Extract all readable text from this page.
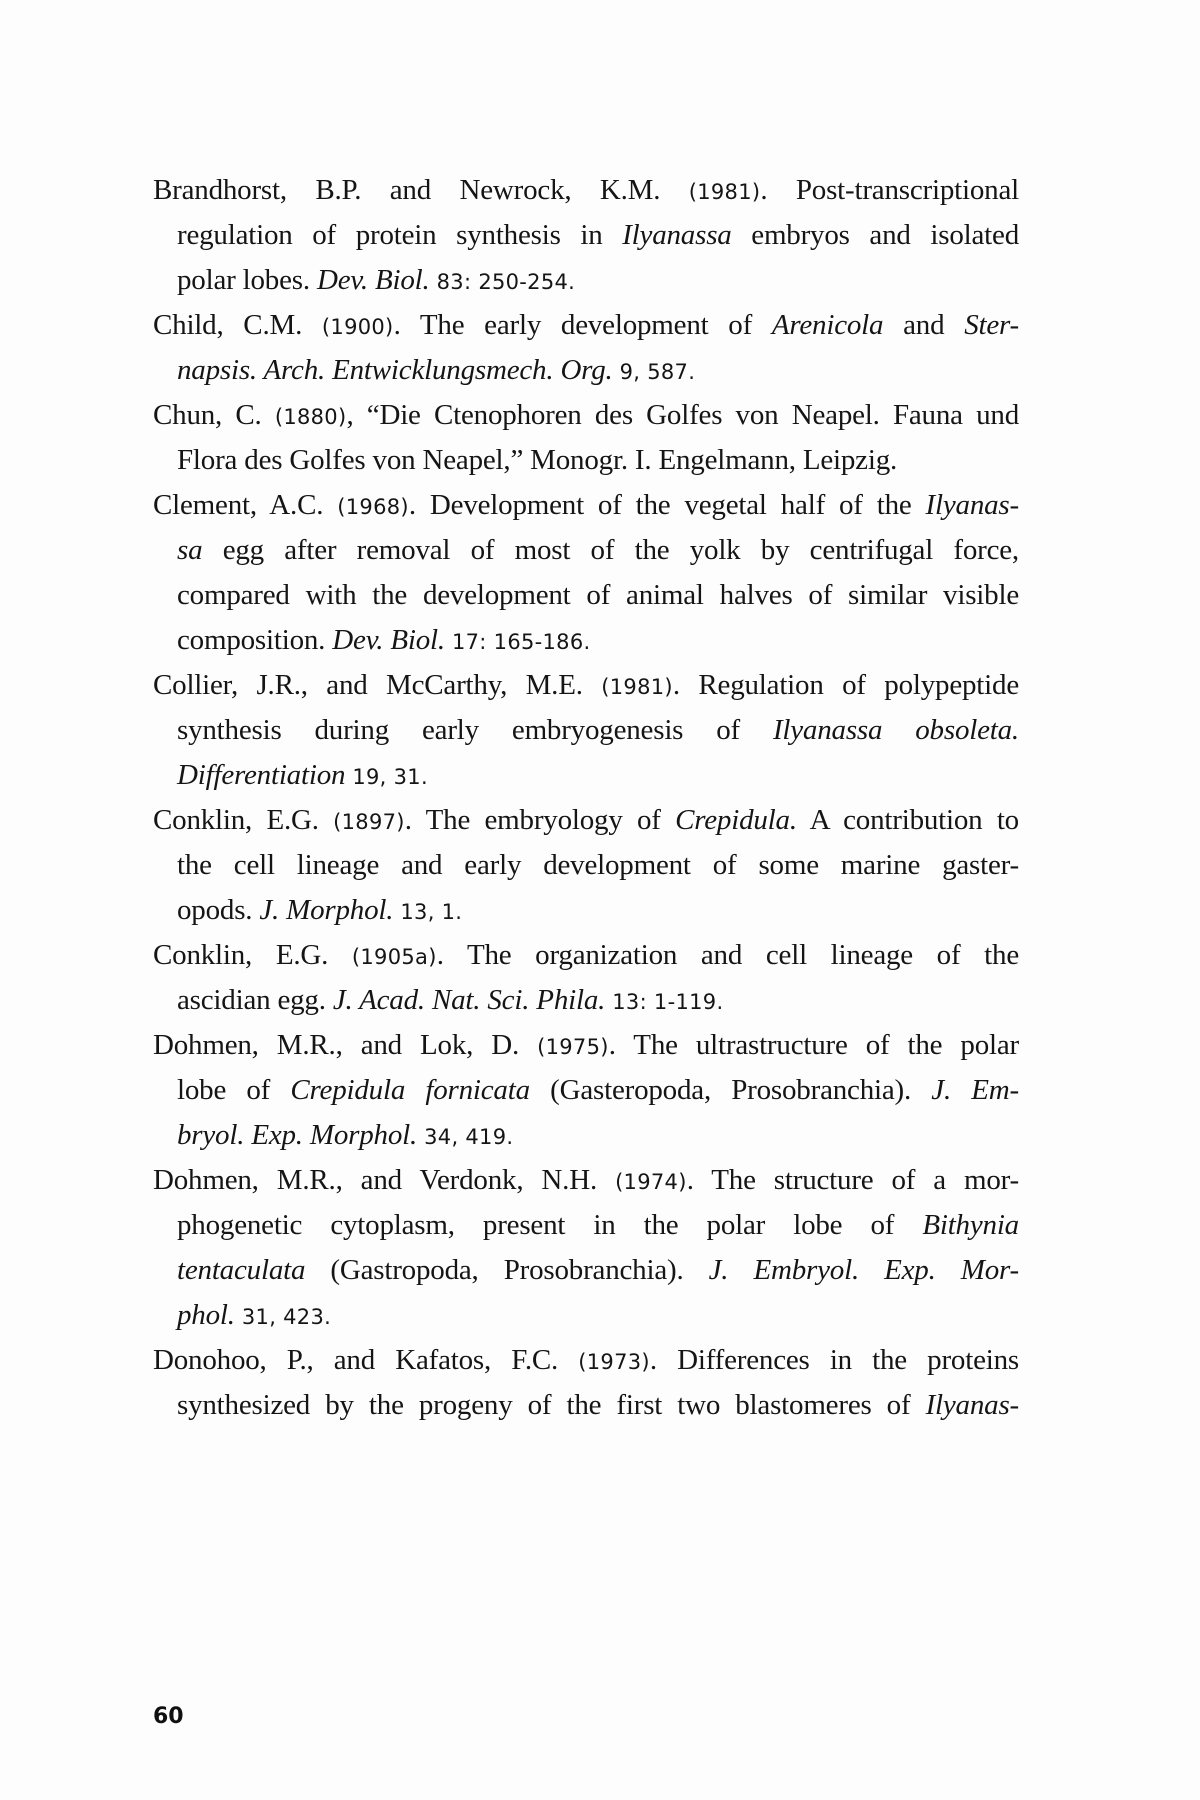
Brandhorst, B.P. and Newrock, K.M. (1981). Post-transcriptional
regulation of protein synthesis in Ilyanassa embryos and isolated
polar lobes. Dev. Biol. 83: 250-254.
Child, C.M. (1900). The early development of Arenicola and Ster-
napsis. Arch. Entwicklungsmech. Org. 9, 587.
Chun, C. (1880), “Die Ctenophoren des Golfes von Neapel. Fauna und
Flora des Golfes von Neapel,” Monogr. I. Engelmann, Leipzig.
Clement, A.C. (1968). Development of the vegetal half of the Ilyanas-
sa egg after removal of most of the yolk by centrifugal force,
compared with the development of animal halves of similar visible
composition. Dev. Biol. 17: 165-186.
Collier, J.R., and McCarthy, M.E. (1981). Regulation of polypeptide
synthesis during early embryogenesis of Ilyanassa obsoleta.
Differentiation 19, 31.
Conklin, E.G. (1897). The embryology of Crepidula. A contribution to
the cell lineage and early development of some marine gaster-
opods. J. Morphol. 13, 1.
Conklin, E.G. (1905a). The organization and cell lineage of the
ascidian egg. J. Acad. Nat. Sci. Phila. 13: 1-119.
Dohmen, M.R., and Lok, D. (1975). The ultrastructure of the polar
lobe of Crepidula fornicata (Gasteropoda, Prosobranchia). J. Em-
bryol. Exp. Morphol. 34, 419.
Dohmen, M.R., and Verdonk, N.H. (1974). The structure of a mor-
phogenetic cytoplasm, present in the polar lobe of Bithynia
tentaculata (Gastropoda, Prosobranchia). J. Embryol. Exp. Mor-
phol. 31, 423.
Donohoo, P., and Kafatos, F.C. (1973). Differences in the proteins
synthesized by the progeny of the first two blastomeres of Ilyanas-
60
